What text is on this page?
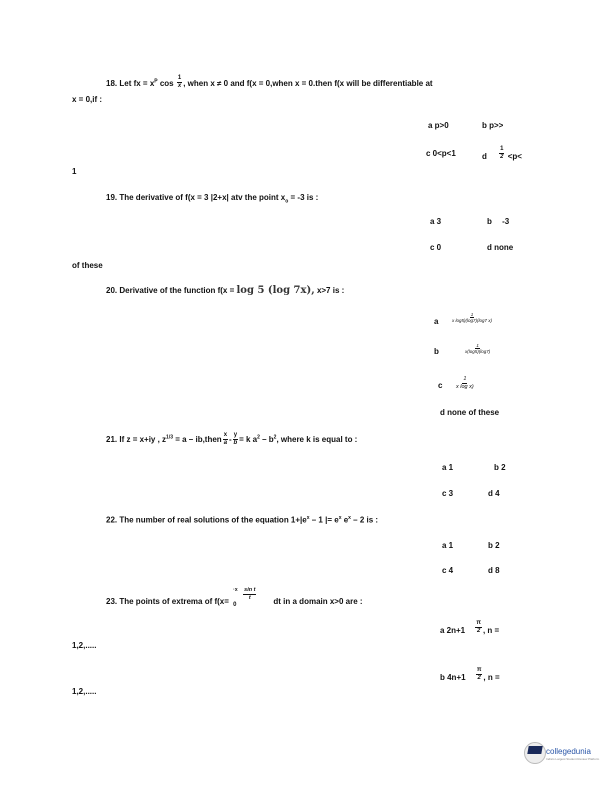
18. Let fx = $x^P$ $\cos \frac{1}{x}$ , when x ≠ 0 and f(x = 0,when x = 0.then f(x will be differentiable at
x = 0,if :
a p>0	b p>>
c 0<p<1	d $\frac{1}{2} <p<$
1
19. The derivative of f(x = 3 |2+x| atv the point $x_o = -3$ is :
a 3	b -3
c 0	d none
of these
20. Derivative of the function f(x = log 5 (log 7x), x>7 is :
a	$\frac{1}{\text{x log5)(log7)(log7 x)}}$
b	$\frac{1}{x(\log 5)(\log 7)}$
c $\frac{1}{\text{x log x)}}$
d none of these
21. If z = x+iy , $z^{1/3} = a$ – ib,then $\frac{x}{a} - \frac{y}{b} = k$ $a^2 - b^2$, where k is equal to :
a 1	b 2
c 3	d 4
22. The number of real solutions of the equation $1+|e^x - 1$ |= $e^x$ $e^x - 2$ is :
a 1	b 2
c 4	d 8
23. The points of extrema of f(x=
·x
0
$\frac{\text{sin t}}{t}$
dt in a domain x>0 are :
a $2n+1 \frac{\pi}{2}$ , n =
1,2,.....
b $4n+1 \frac{\pi}{2}$ , n =
1,2,.....
collegedunia
India's Largest Student Review Platform
